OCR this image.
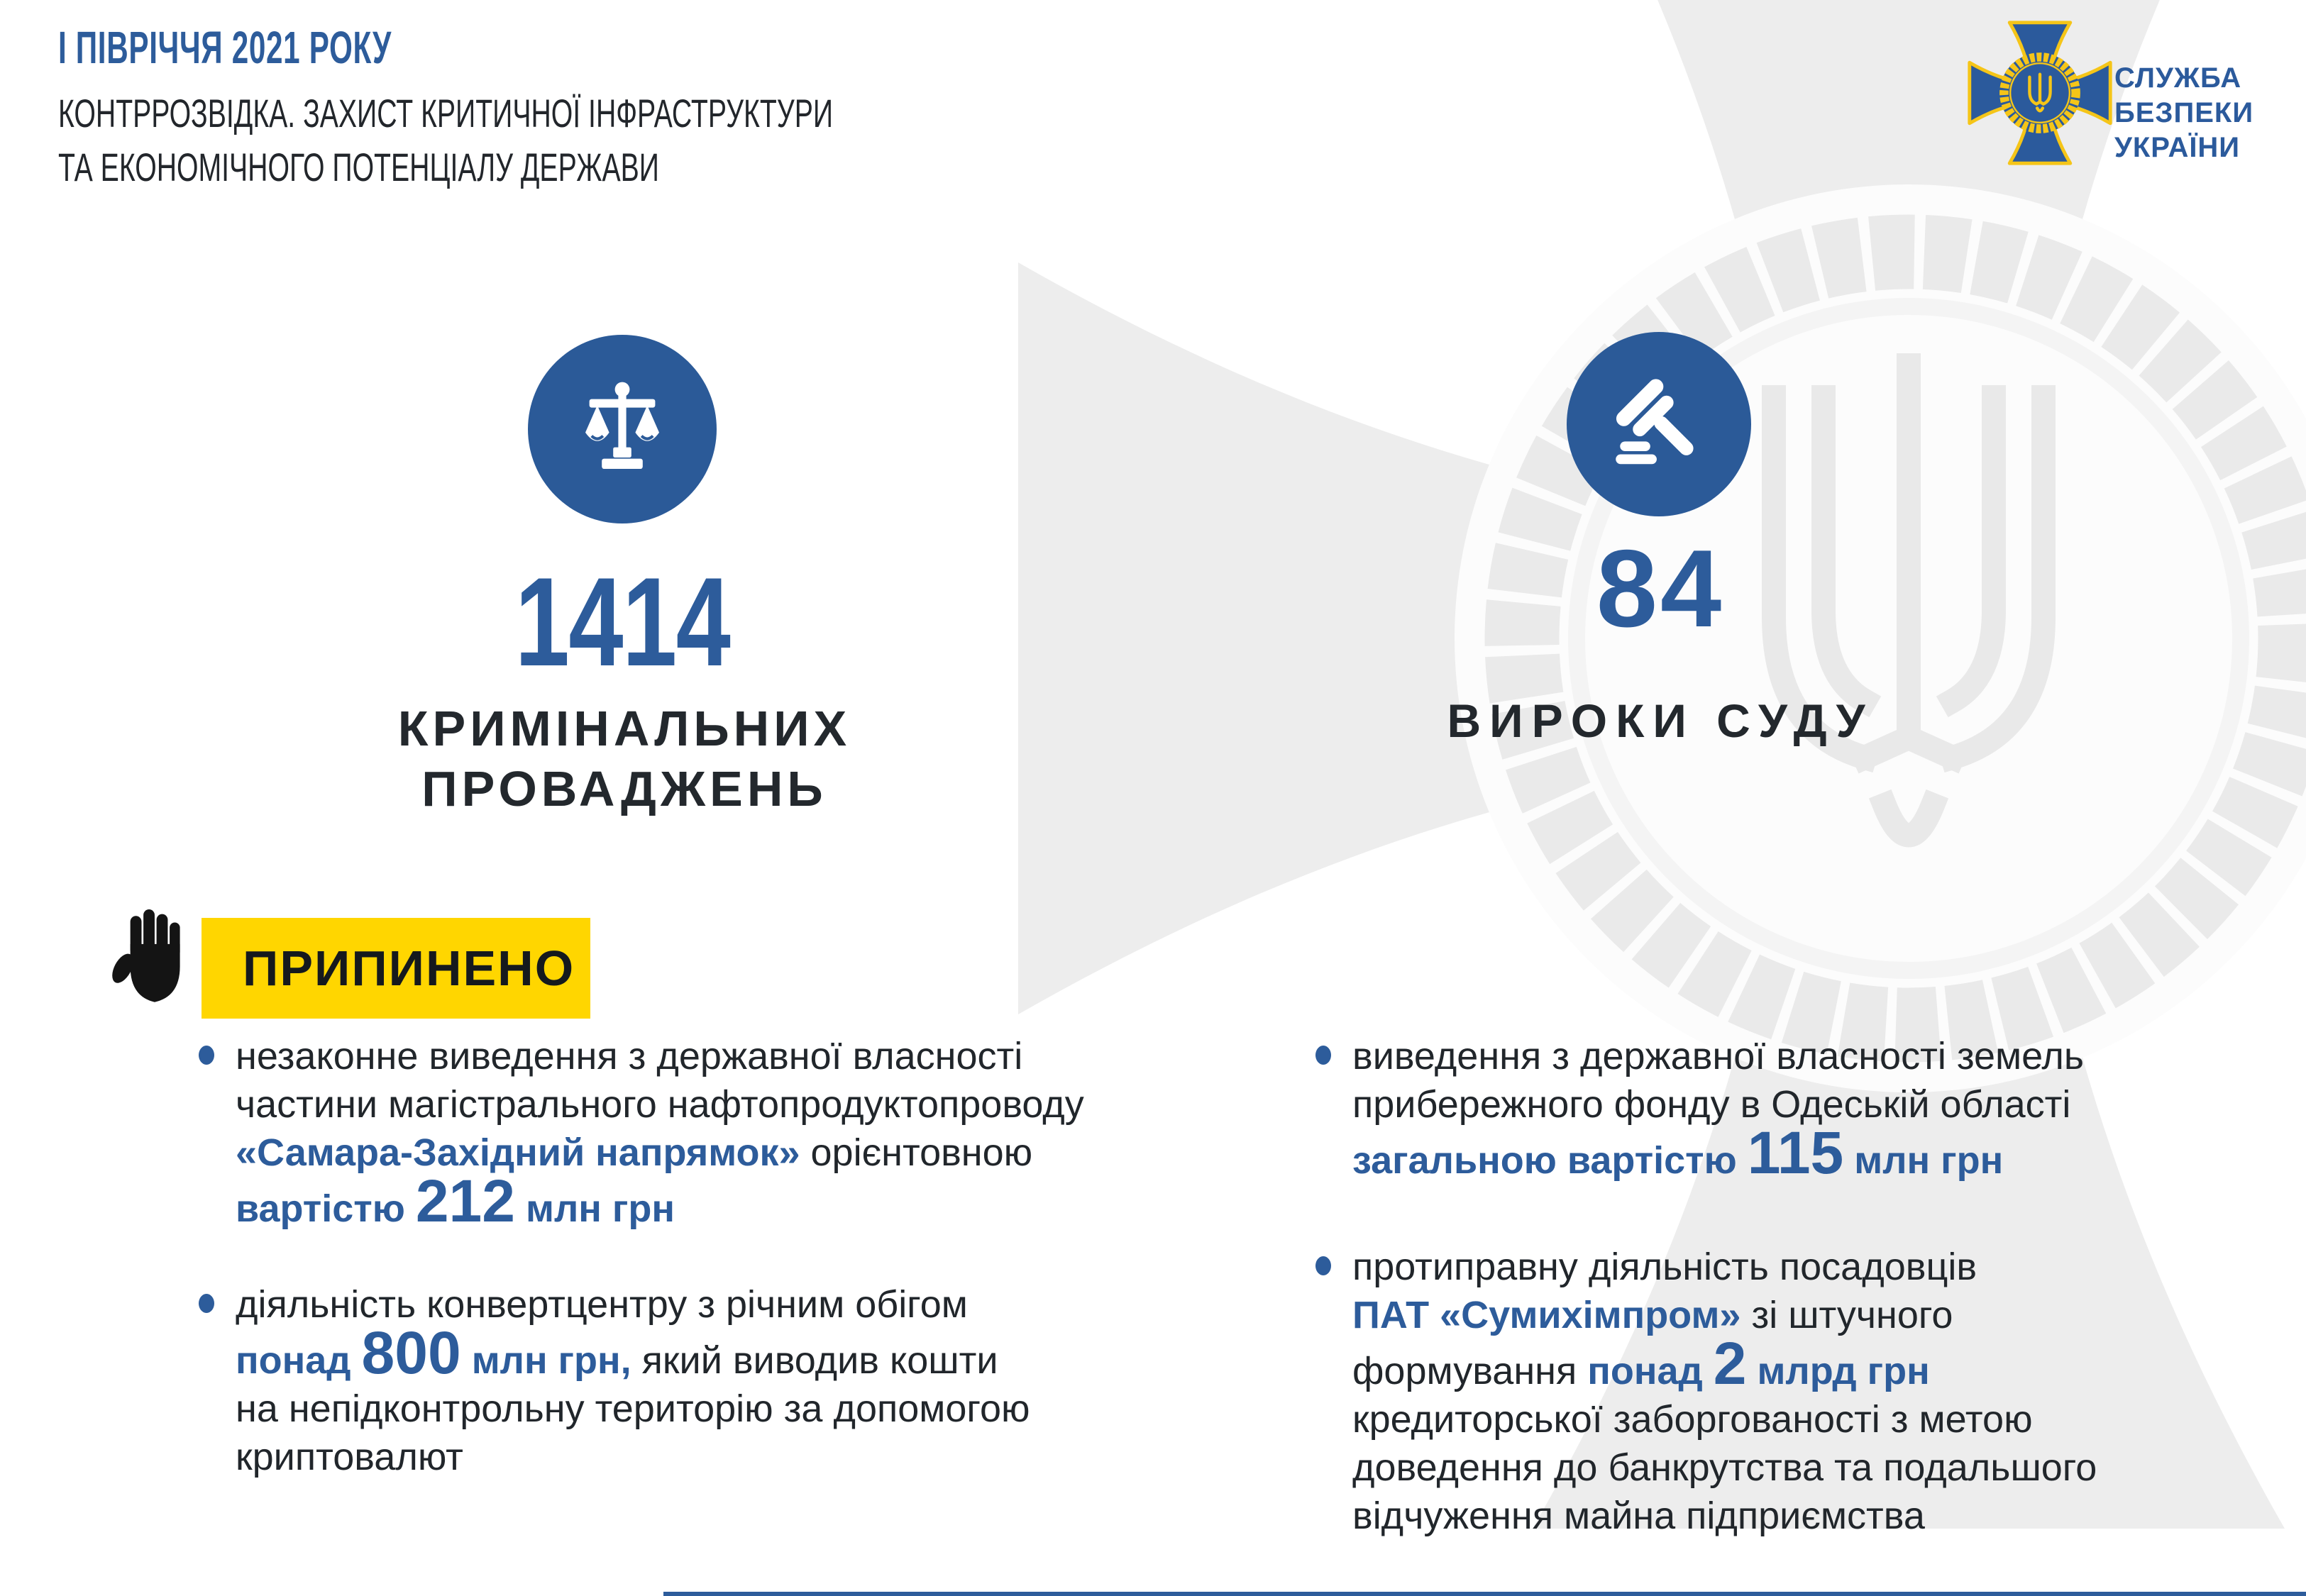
І ПІВРІЧЧЯ 2021 РОКУ
КОНТРРОЗВІДКА. ЗАХИСТ КРИТИЧНОЇ ІНФРАСТРУКТУРИ
ТА ЕКОНОМІЧНОГО ПОТЕНЦІАЛУ ДЕРЖАВИ
СЛУЖБА
БЕЗПЕКИ
УКРАЇНИ
1414
КРИМІНАЛЬНИХ
ПРОВАДЖЕНЬ
84
ВИРОКИ СУДУ
ПРИПИНЕНО
незаконне виведення з державної власності
частини магістрального нафтопродуктопроводу
«Самара-Західний напрямок» орієнтовною
вартістю 212 млн грн
діяльність конвертцентру з річним обігом
понад 800 млн грн, який виводив кошти
на непідконтрольну територію за допомогою
криптовалют
виведення з державної власності земель
прибережного фонду в Одеській області
загальною вартістю 115 млн грн
протиправну діяльність посадовців
ПАТ «Сумихімпром» зі штучного
формування понад 2 млрд грн
кредиторської заборгованості з метою
доведення до банкрутства та подальшого
відчуження майна підприємства
